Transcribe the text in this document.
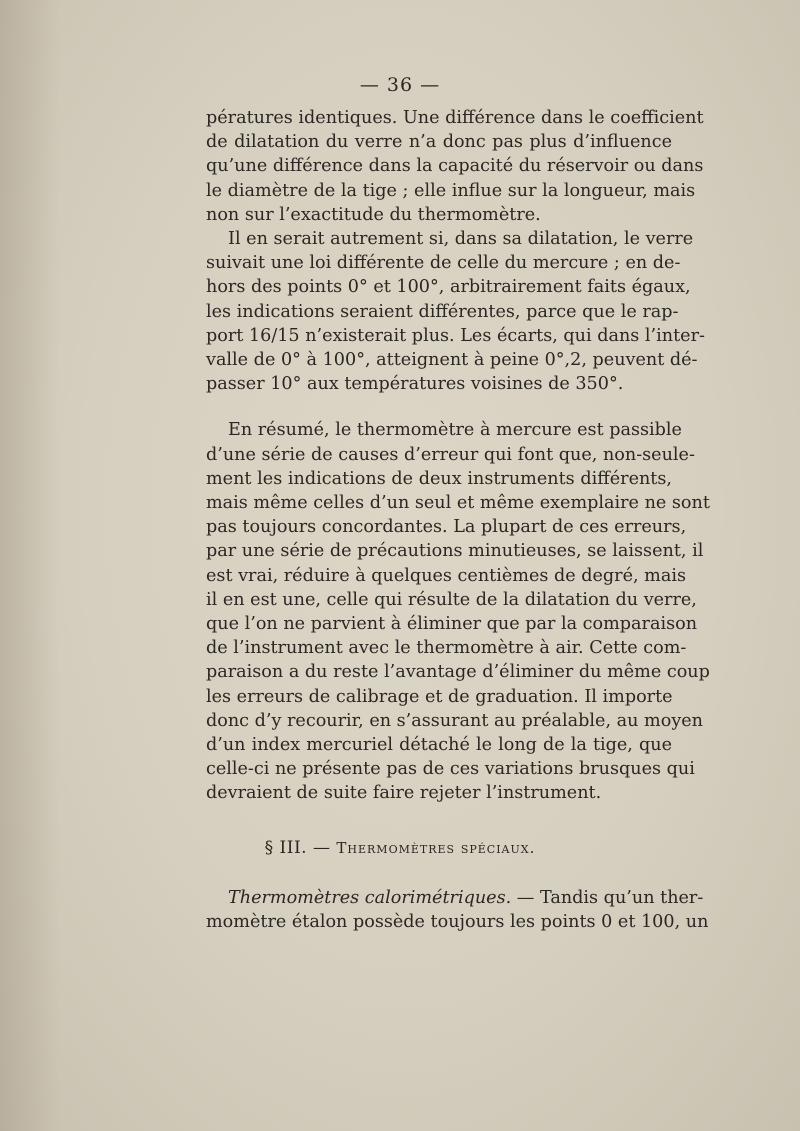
— 36 —

pératures identiques. Une différence dans le coefficient
de dilatation du verre n’a donc pas plus d’influence
qu’une différence dans la capacité du réservoir ou dans
le diamètre de la tige ; elle influe sur la longueur, mais
non sur l’exactitude du thermomètre.

Il en serait autrement si, dans sa dilatation, le verre
suivait une loi différente de celle du mercure ; en de-
hors des points 0° et 100°, arbitrairement faits égaux,
les indications seraient différentes, parce que le rap-
port 16/15 n’existerait plus. Les écarts, qui dans l’inter-
valle de 0° à 100°, atteignent à peine 0°,2, peuvent dé-
passer 10° aux températures voisines de 350°.

En résumé, le thermomètre à mercure est passible
d’une série de causes d’erreur qui font que, non-seule-
ment les indications de deux instruments différents,
mais même celles d’un seul et même exemplaire ne sont
pas toujours concordantes. La plupart de ces erreurs,
par une série de précautions minutieuses, se laissent, il
est vrai, réduire à quelques centièmes de degré, mais
il en est une, celle qui résulte de la dilatation du verre,
que l’on ne parvient à éliminer que par la comparaison
de l’instrument avec le thermomètre à air. Cette com-
paraison a du reste l’avantage d’éliminer du même coup
les erreurs de calibrage et de graduation. Il importe
donc d’y recourir, en s’assurant au préalable, au moyen
d’un index mercuriel détaché le long de la tige, que
celle-ci ne présente pas de ces variations brusques qui
devraient de suite faire rejeter l’instrument.

§ III. — Thermomètres spéciaux.
Thermomètres calorimétriques. — Tandis qu’un ther-
momètre étalon possède toujours les points 0 et 100, un
